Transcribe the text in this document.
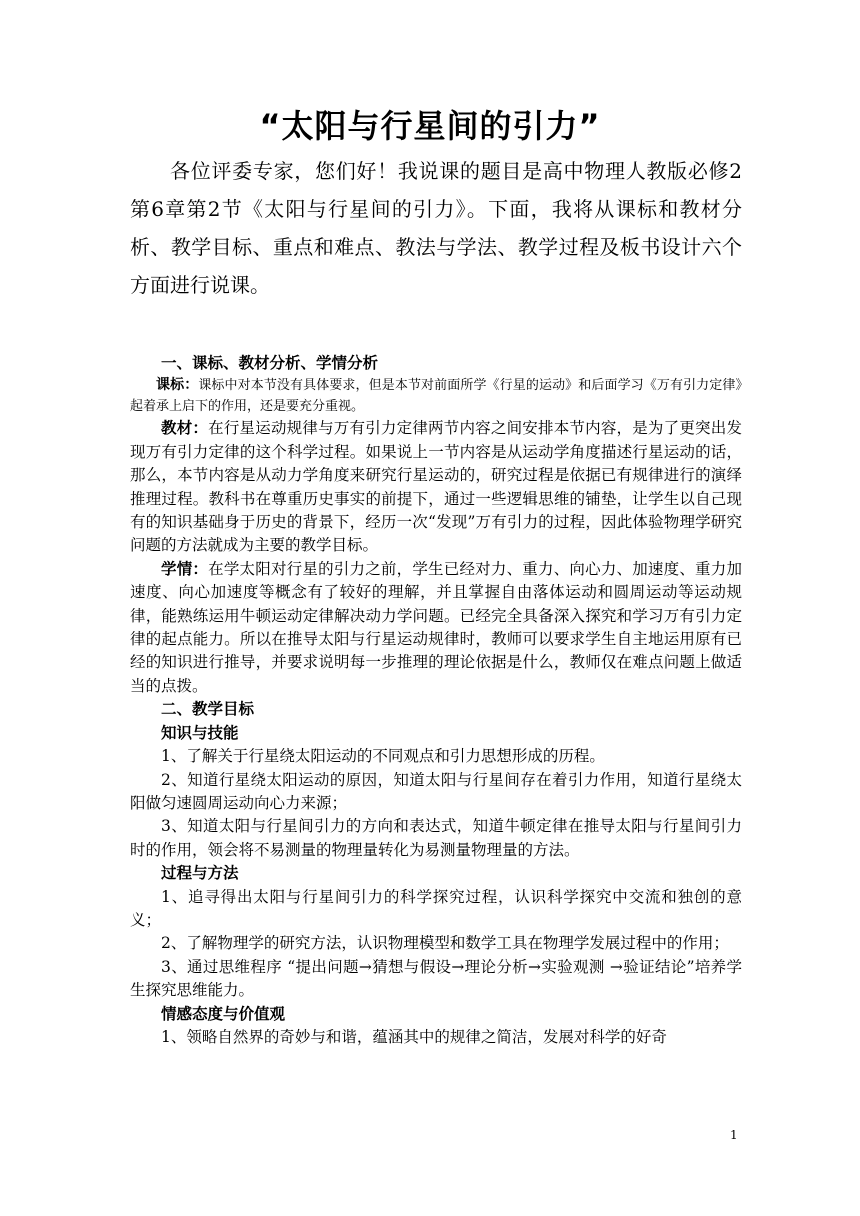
“太阳与行星间的引力”

各位评委专家，您们好！我说课的题目是高中物理人教版必修2第6章第2节《太阳与行星间的引力》。下面，我将从课标和教材分析、教学目标、重点和难点、教法与学法、教学过程及板书设计六个方面进行说课。

一、课标、教材分析、学情分析

课标：课标中对本节没有具体要求，但是本节对前面所学《行星的运动》和后面学习《万有引力定律》起着承上启下的作用，还是要充分重视。

教材：在行星运动规律与万有引力定律两节内容之间安排本节内容，是为了更突出发现万有引力定律的这个科学过程。如果说上一节内容是从运动学角度描述行星运动的话，那么，本节内容是从动力学角度来研究行星运动的，研究过程是依据已有规律进行的演绎推理过程。教科书在尊重历史事实的前提下，通过一些逻辑思维的铺垫，让学生以自己现有的知识基础身于历史的背景下，经历一次“发现”万有引力的过程，因此体验物理学研究问题的方法就成为主要的教学目标。

学情：在学太阳对行星的引力之前，学生已经对力、重力、向心力、加速度、重力加速度、向心加速度等概念有了较好的理解，并且掌握自由落体运动和圆周运动等运动规律，能熟练运用牛顿运动定律解决动力学问题。已经完全具备深入探究和学习万有引力定律的起点能力。所以在推导太阳与行星运动规律时，教师可以要求学生自主地运用原有已经的知识进行推导，并要求说明每一步推理的理论依据是什么，教师仅在难点问题上做适当的点拨。

二、教学目标

知识与技能

1、了解关于行星绕太阳运动的不同观点和引力思想形成的历程。

2、知道行星绕太阳运动的原因，知道太阳与行星间存在着引力作用，知道行星绕太阳做匀速圆周运动向心力来源；

3、知道太阳与行星间引力的方向和表达式，知道牛顿定律在推导太阳与行星间引力时的作用，领会将不易测量的物理量转化为易测量物理量的方法。

过程与方法

1、追寻得出太阳与行星间引力的科学探究过程，认识科学探究中交流和独创的意义；

2、了解物理学的研究方法，认识物理模型和数学工具在物理学发展过程中的作用；

3、通过思维程序 “提出问题→猜想与假设→理论分析→实验观测 →验证结论”培养学生探究思维能力。

情感态度与价值观

1、领略自然界的奇妙与和谐，蕴涵其中的规律之简洁，发展对科学的好奇

1
